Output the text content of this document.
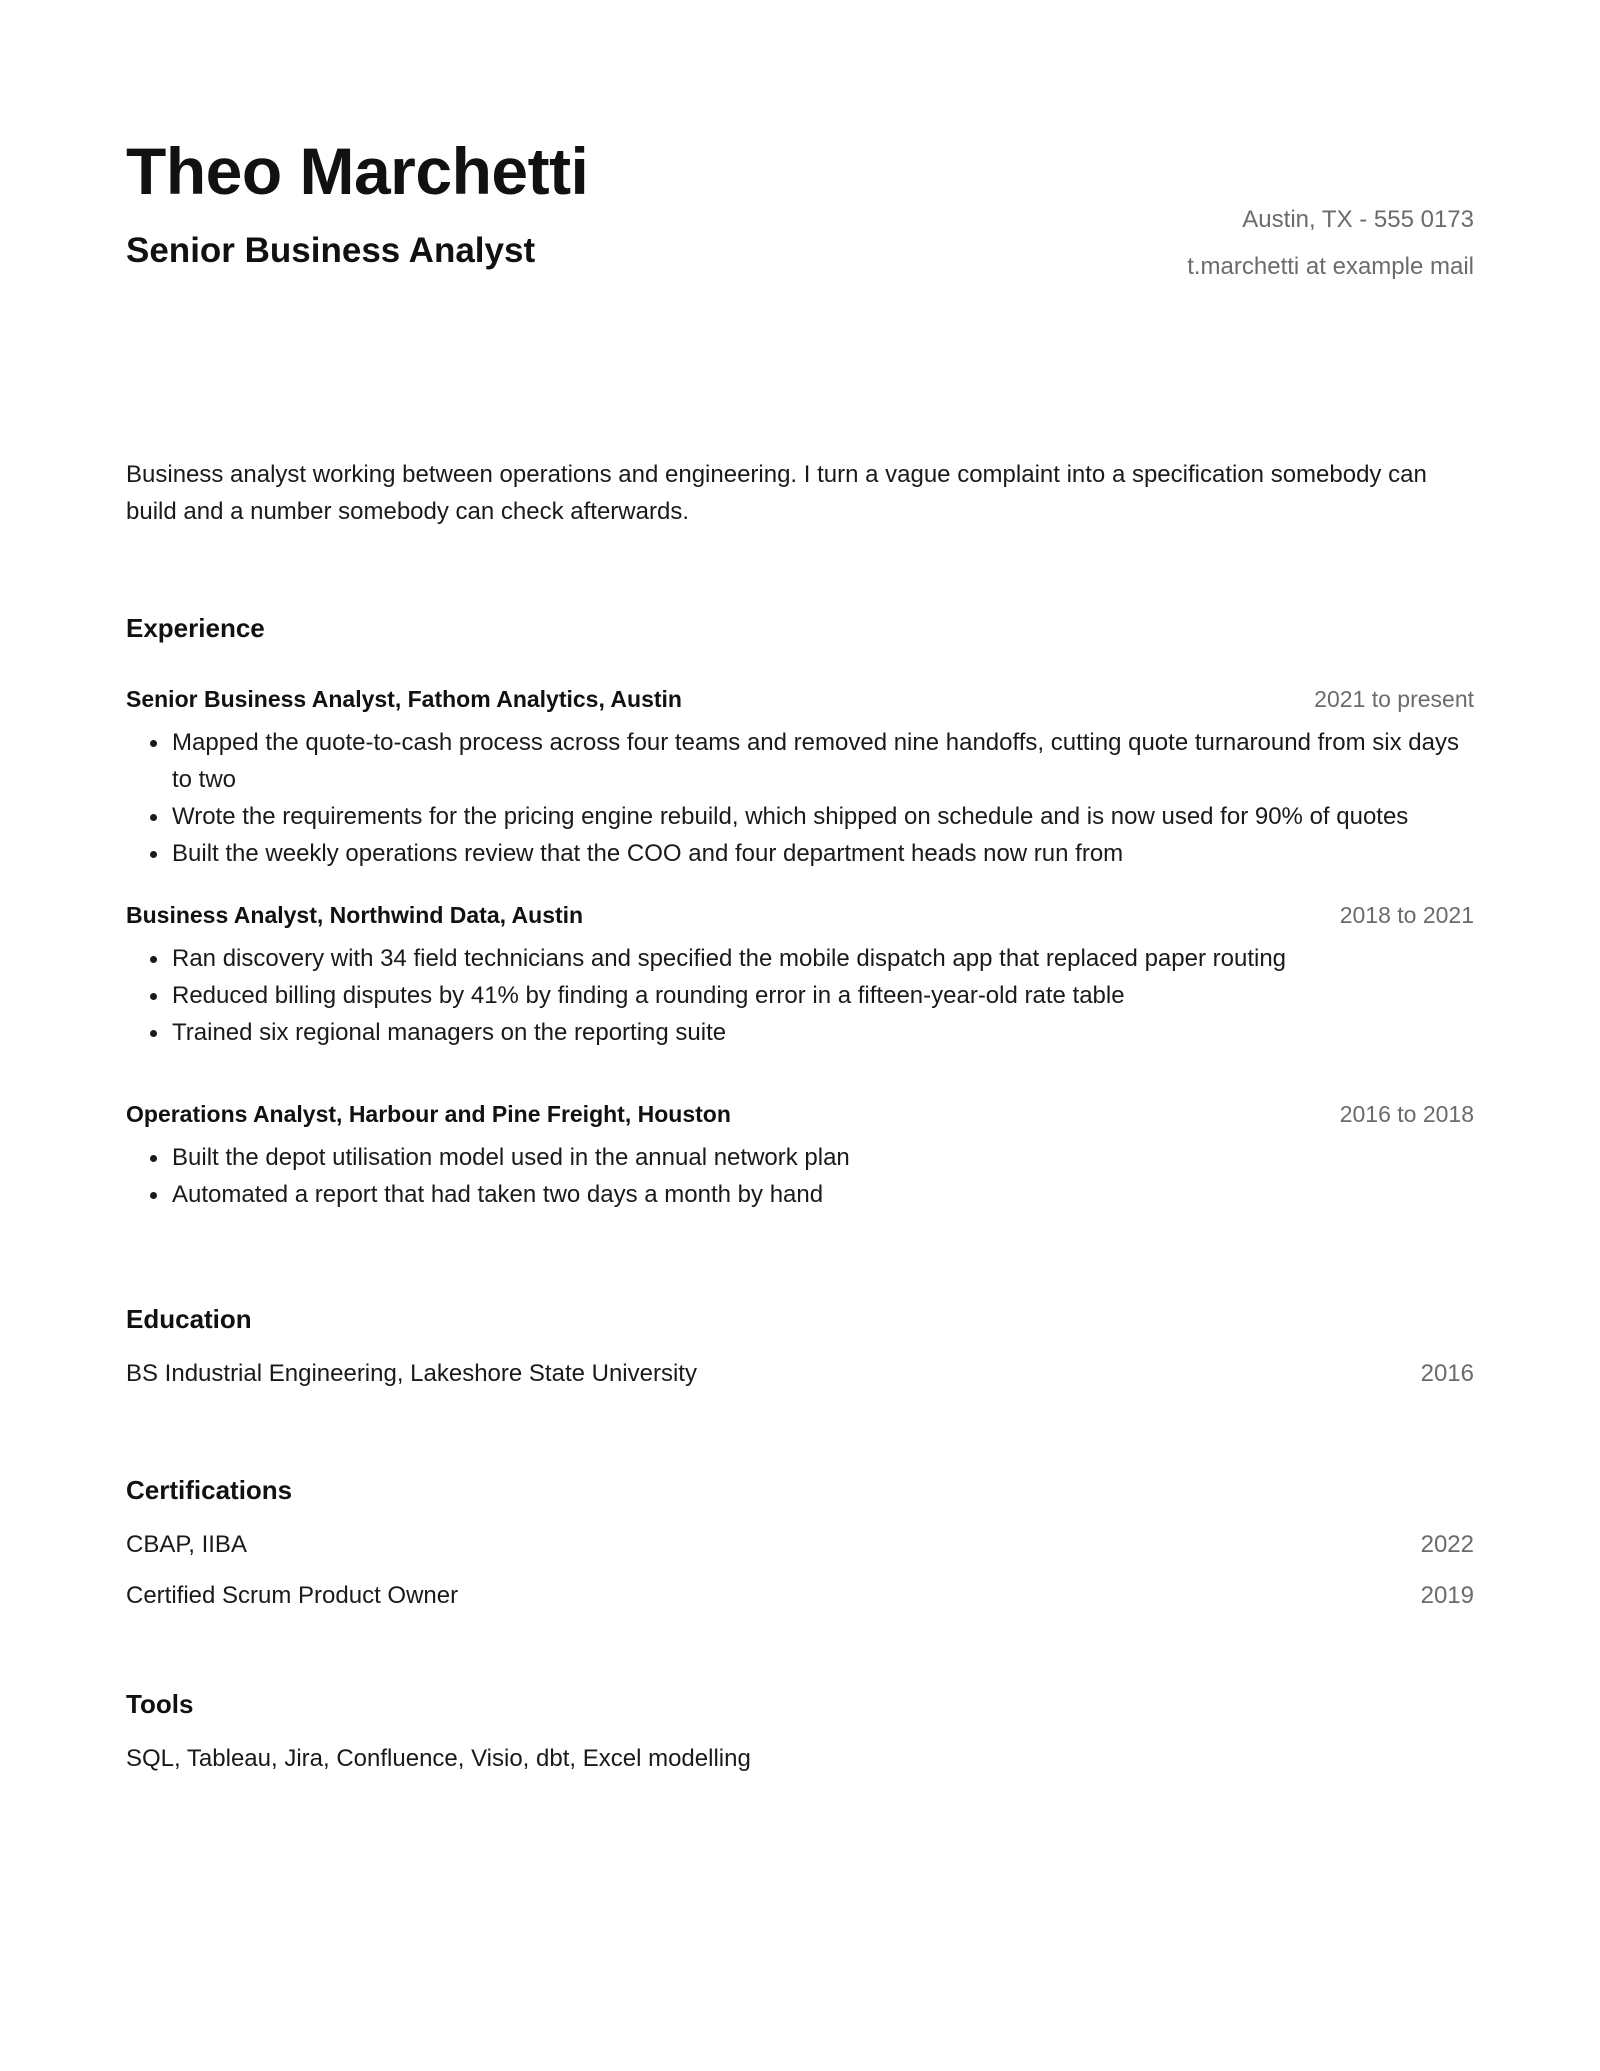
Theo Marchetti
Senior Business Analyst
Austin, TX - 555 0173
t.marchetti at example mail
Business analyst working between operations and engineering. I turn a vague complaint into a specification somebody can build and a number somebody can check afterwards.
Experience
Senior Business Analyst, Fathom Analytics, Austin	2021 to present
Mapped the quote-to-cash process across four teams and removed nine handoffs, cutting quote turnaround from six days to two
Wrote the requirements for the pricing engine rebuild, which shipped on schedule and is now used for 90% of quotes
Built the weekly operations review that the COO and four department heads now run from
Business Analyst, Northwind Data, Austin	2018 to 2021
Ran discovery with 34 field technicians and specified the mobile dispatch app that replaced paper routing
Reduced billing disputes by 41% by finding a rounding error in a fifteen-year-old rate table
Trained six regional managers on the reporting suite
Operations Analyst, Harbour and Pine Freight, Houston	2016 to 2018
Built the depot utilisation model used in the annual network plan
Automated a report that had taken two days a month by hand
Education
BS Industrial Engineering, Lakeshore State University	2016
Certifications
CBAP, IIBA	2022
Certified Scrum Product Owner	2019
Tools
SQL, Tableau, Jira, Confluence, Visio, dbt, Excel modelling
